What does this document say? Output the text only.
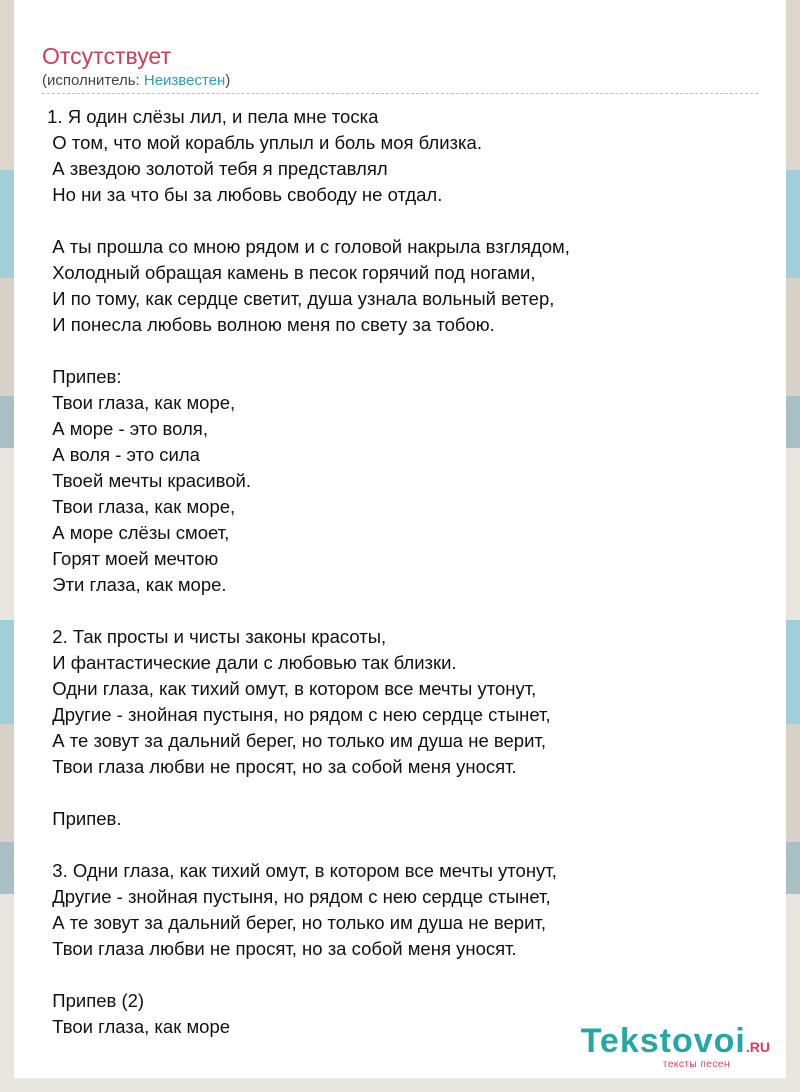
Отсутствует
(исполнитель: Неизвестен)
1. Я один слёзы лил, и пела мне тоска
О том, что мой корабль уплыл и боль моя близка.
А звездою золотой тебя я представлял
Но ни за что бы за любовь свободу не отдал.

А ты прошла со мною рядом и с головой накрыла взглядом,
Холодный обращая камень в песок горячий под ногами,
И по тому, как сердце светит, душа узнала вольный ветер,
И понесла любовь волною меня по свету за тобою.

Припев:
Твои глаза, как море,
А море - это воля,
А воля - это сила
Твоей мечты красивой.
Твои глаза, как море,
А море слёзы смоет,
Горят моей мечтою
Эти глаза, как море.

2. Так просты и чисты законы красоты,
И фантастические дали с любовью так близки.
Одни глаза, как тихий омут, в котором все мечты утонут,
Другие - знойная пустыня, но рядом с нею сердце стынет,
А те зовут за дальний берег, но только им душа не верит,
Твои глаза любви не просят, но за собой меня уносят.

Припев.

3. Одни глаза, как тихий омут, в котором все мечты утонут,
Другие - знойная пустыня, но рядом с нею сердце стынет,
А те зовут за дальний берег, но только им душа не верит,
Твои глаза любви не просят, но за собой меня уносят.

Припев (2)
Твои глаза, как море	Tekstovoi.RU
тексты песен
